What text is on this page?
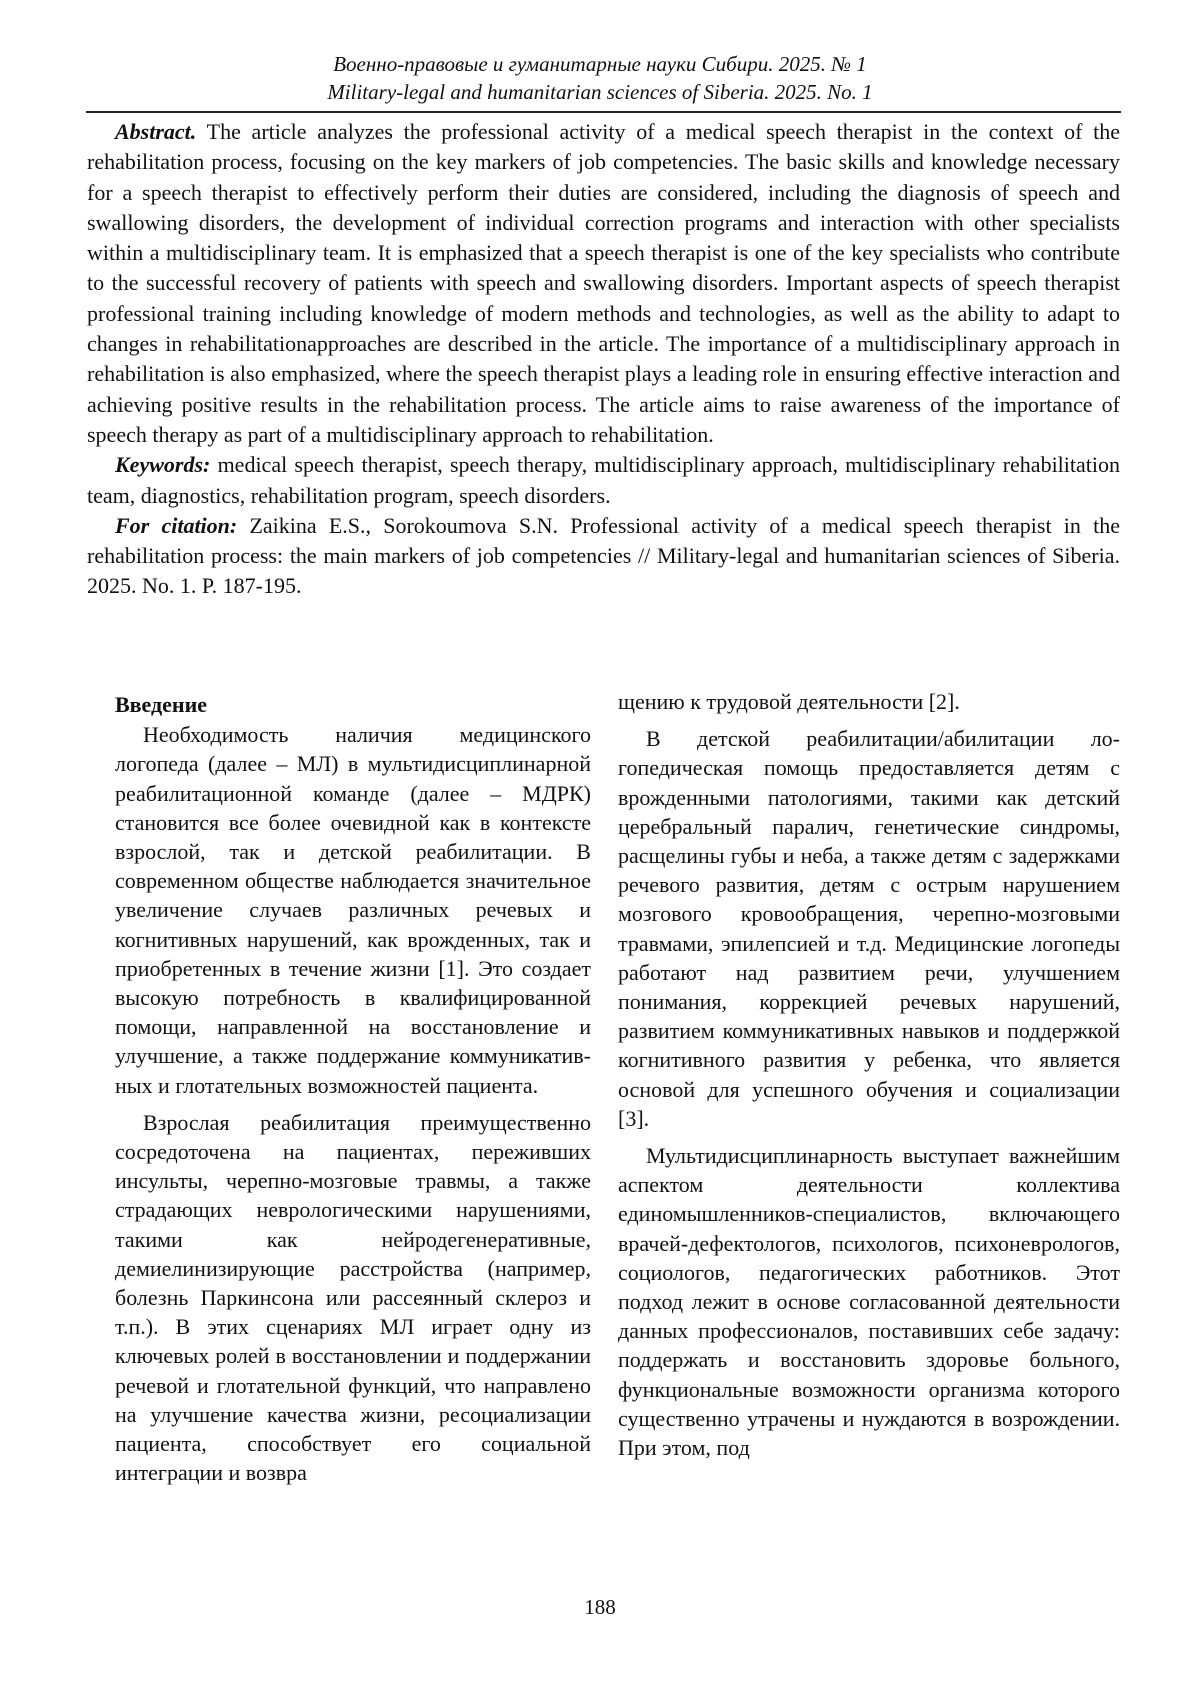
Военно-правовые и гуманитарные науки Сибири. 2025. № 1
Military-legal and humanitarian sciences of Siberia. 2025. No. 1

Abstract. The article analyzes the professional activity of a medical speech therapist in the context of the rehabilitation process, focusing on the key markers of job competencies. The basic skills and knowledge necessary for a speech therapist to effectively perform their duties are considered, including the diagnosis of speech and swallowing disorders, the development of individual correction programs and interaction with other specialists within a multidisciplinary team. It is emphasized that a speech therapist is one of the key specialists who contribute to the successful recovery of patients with speech and swallowing disorders. Important aspects of speech therapist professional training including knowledge of modern methods and technologies, as well as the ability to adapt to changes in rehabilitationapproaches are described in the article. The importance of a multidisciplinary approach in rehabilitation is also emphasized, where the speech therapist plays a leading role in ensuring effective interaction and achieving positive results in the rehabilitation process. The article aims to raise awareness of the importance of speech therapy as part of a multidisciplinary approach to rehabilitation.

Keywords: medical speech therapist, speech therapy, multidisciplinary approach, multidisciplinary rehabilitation team, diagnostics, rehabilitation program, speech disorders.

For citation: Zaikina E.S., Sorokoumova S.N. Professional activity of a medical speech therapist in the rehabilitation process: the main markers of job competencies // Military-legal and humanitarian sciences of Siberia. 2025. No. 1. P. 187-195.

Введение

Необходимость наличия медицинского логопеда (далее – МЛ) в мультидисциплинарной реабилитационной команде (далее – МДРК) становится все более очевидной как в контексте взрослой, так и детской реабилитации. В современном обществе наблюдается значительное увеличение случаев различных речевых и когнитивных нарушений, как врожденных, так и приобретенных в течение жизни [1]. Это создает высокую потребность в квалифицированной помощи, направленной на восстановление и улучшение, а также поддержание коммуникативных и глотательных возможностей пациента.

Взрослая реабилитация преимущественно сосредоточена на пациентах, переживших инсульты, черепно-мозговые травмы, а также страдающих неврологическими нарушениями, такими как нейродегенеративные, демиелинизирующие расстройства (например, болезнь Паркинсона или рассеянный склероз и т.п.). В этих сценариях МЛ играет одну из ключевых ролей в восстановлении и поддержании речевой и глотательной функций, что направлено на улучшение качества жизни, ресоциализации пациента, способствует его социальной интеграции и возвра

щению к трудовой деятельности [2].

В детской реабилитации/абилитации логопедическая помощь предоставляется детям с врожденными патологиями, такими как детский церебральный паралич, генетические синдромы, расщелины губы и неба, а также детям с задержками речевого развития, детям с острым нарушением мозгового кровообращения, черепно-мозговыми травмами, эпилепсией и т.д. Медицинские логопеды работают над развитием речи, улучшением понимания, коррекцией речевых нарушений, развитием коммуникативных навыков и поддержкой когнитивного развития у ребенка, что является основой для успешного обучения и социализации [3].

Мультидисциплинарность выступает важнейшим аспектом деятельности коллектива единомышленников-специалистов, включающего врачей-дефектологов, психологов, психоневрологов, социологов, педагогических работников. Этот подход лежит в основе согласованной деятельности данных профессионалов, поставивших себе задачу: поддержать и восстановить здоровье больного, функциональные возможности организма которого существенно утрачены и нуждаются в возрождении. При этом, под

188
